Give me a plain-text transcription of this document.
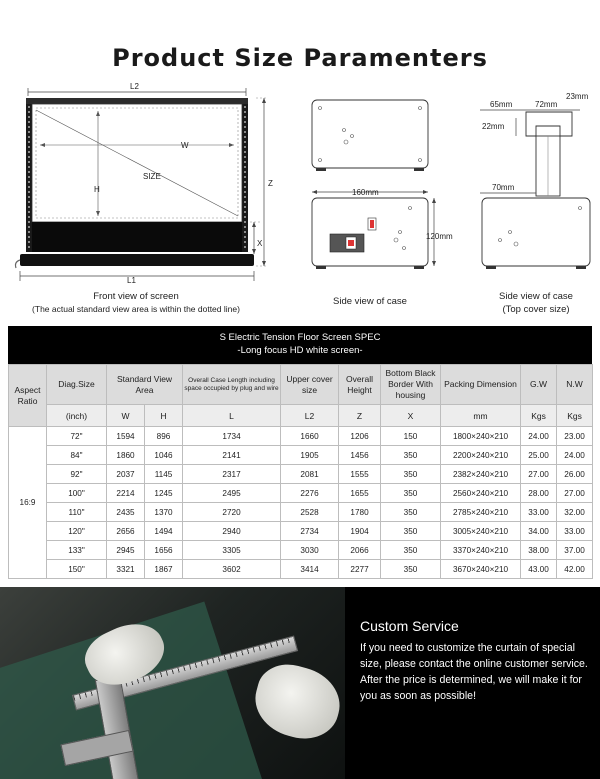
Product Size Paramenters
L2
W
SIZE
H
Z
X
L1
Front view of screen
(The actual standard view area is within the dotted line)
160mm
120mm
Side view of case
65mm	72mm
23mm
22mm
70mm
Side view of case
(Top cover size)
S Electric Tension Floor Screen SPEC
-Long focus HD white screen-
Aspect Ratio	Diag.Size	Standard View Area		Overall Case Length including space occupied by plug and wire	Upper cover size	Overall Height	Bottom Black Border With housing	Packing Dimension	G.W	N.W
	(inch)	W	H	L	L2	Z	X	mm	Kgs	Kgs
16:9	72"	1594	896	1734	1660	1206	150	1800×240×210	24.00	23.00
	84"	1860	1046	2141	1905	1456	350	2200×240×210	25.00	24.00
	92"	2037	1145	2317	2081	1555	350	2382×240×210	27.00	26.00
	100"	2214	1245	2495	2276	1655	350	2560×240×210	28.00	27.00
	110"	2435	1370	2720	2528	1780	350	2785×240×210	33.00	32.00
	120"	2656	1494	2940	2734	1904	350	3005×240×210	34.00	33.00
	133"	2945	1656	3305	3030	2066	350	3370×240×210	38.00	37.00
	150"	3321	1867	3602	3414	2277	350	3670×240×210	43.00	42.00
Custom Service
If you need to customize the curtain of special size, please contact the online customer service. After the price is determined, we will make it for you as soon as possible!
